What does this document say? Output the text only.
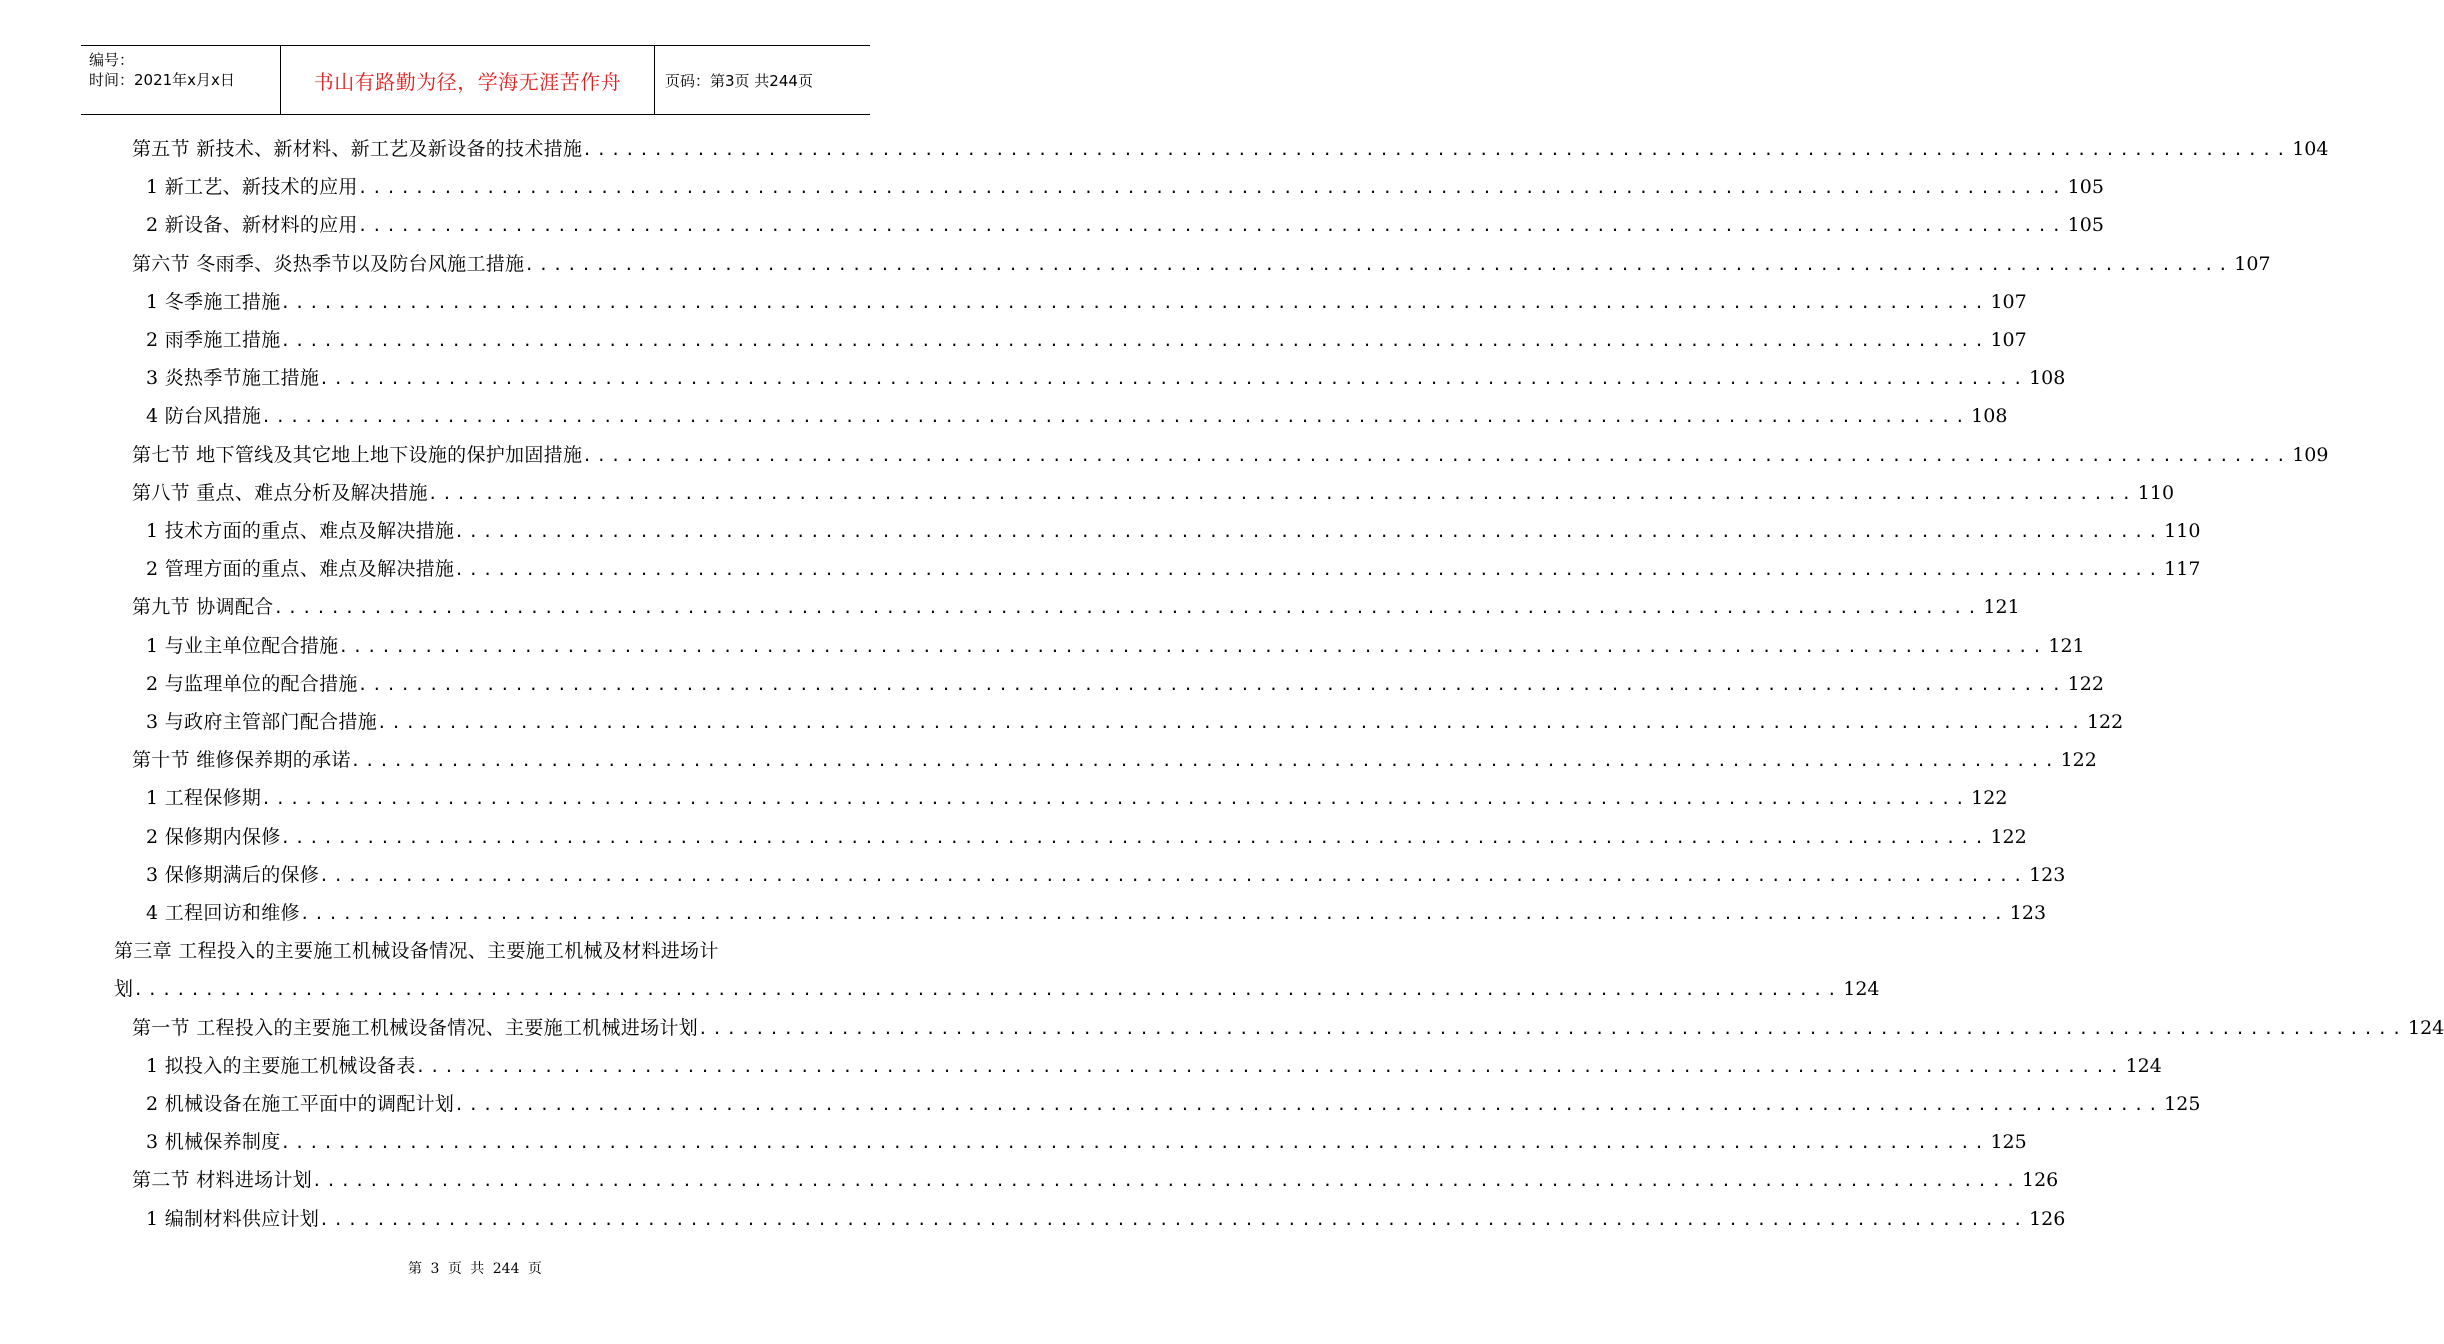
编号：
时间：2021年x月x日	书山有路勤为径，学海无涯苦作舟	页码：第3页 共244页
第五节 新技术、新材料、新工艺及新设备的技术措施 ........................................................................................................................ 104
1 新工艺、新技术的应用 ........................................................................................................................ 105
2 新设备、新材料的应用 ........................................................................................................................ 105
第六节 冬雨季、炎热季节以及防台风施工措施 ........................................................................................................................ 107
1 冬季施工措施 ........................................................................................................................ 107
2 雨季施工措施 ........................................................................................................................ 107
3 炎热季节施工措施 ........................................................................................................................ 108
4 防台风措施 ........................................................................................................................ 108
第七节 地下管线及其它地上地下设施的保护加固措施 ........................................................................................................................ 109
第八节 重点、难点分析及解决措施 ........................................................................................................................ 110
1 技术方面的重点、难点及解决措施 ........................................................................................................................ 110
2 管理方面的重点、难点及解决措施 ........................................................................................................................ 117
第九节 协调配合 ........................................................................................................................ 121
1 与业主单位配合措施 ........................................................................................................................ 121
2 与监理单位的配合措施 ........................................................................................................................ 122
3 与政府主管部门配合措施 ........................................................................................................................ 122
第十节 维修保养期的承诺 ........................................................................................................................ 122
1 工程保修期 ........................................................................................................................ 122
2 保修期内保修 ........................................................................................................................ 122
3 保修期满后的保修 ........................................................................................................................ 123
4 工程回访和维修 ........................................................................................................................ 123
第三章 工程投入的主要施工机械设备情况、主要施工机械及材料进场计
划 ........................................................................................................................ 124
第一节 工程投入的主要施工机械设备情况、主要施工机械进场计划 ........................................................................................................................ 124
1 拟投入的主要施工机械设备表 ........................................................................................................................ 124
2 机械设备在施工平面中的调配计划 ........................................................................................................................ 125
3 机械保养制度 ........................................................................................................................ 125
第二节 材料进场计划 ........................................................................................................................ 126
1 编制材料供应计划 ........................................................................................................................ 126
第 3 页 共 244 页
